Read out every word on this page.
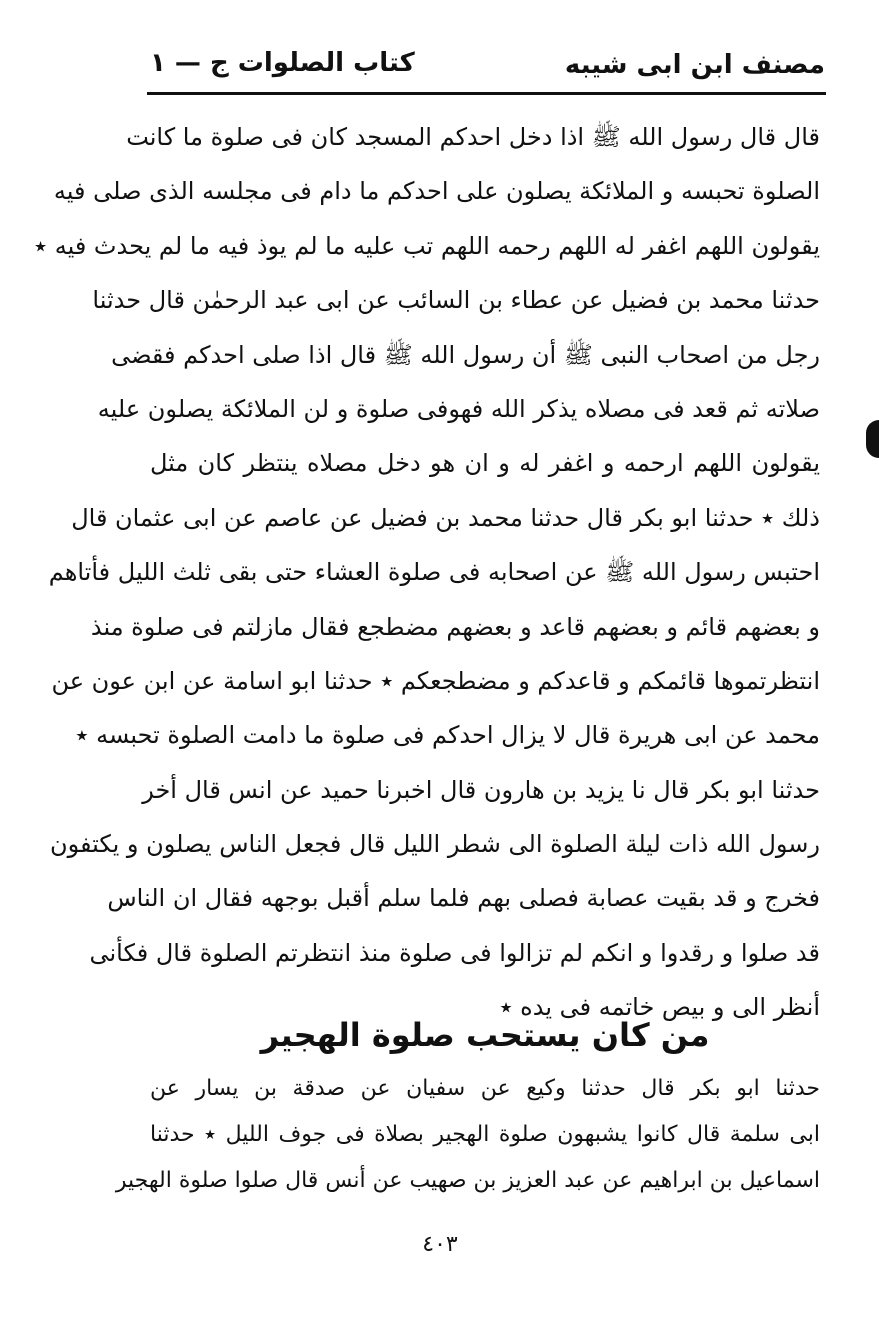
مصنف ابن ابى شيبه
كتاب الصلوات ج — ١
قال قال رسول الله ﷺ اذا دخل احدكم المسجد كان فى صلوة ما كانت
الصلوة تحبسه و الملائكة يصلون على احدكم ما دام فى مجلسه الذى صلى فيه
يقولون اللهم اغفر له اللهم رحمه اللهم تب عليه ما لم يوذ فيه ما لم يحدث فيه ٭
حدثنا محمد بن فضيل عن عطاء بن السائب عن ابى عبد الرحمٰن قال حدثنا
رجل من اصحاب النبى ﷺ أن رسول الله ﷺ قال اذا صلى احدكم فقضى
صلاته ثم قعد فى مصلاه يذكر الله فهوفى صلوة و لن الملائكة يصلون عليه
يقولون اللهم ارحمه و اغفر له و ان هو دخل مصلاه ينتظر كان مثل
ذلك ٭ حدثنا ابو بكر قال حدثنا محمد بن فضيل عن عاصم عن ابى عثمان قال
احتبس رسول الله ﷺ عن اصحابه فى صلوة العشاء حتى بقى ثلث الليل فأتاهم
و بعضهم قائم و بعضهم قاعد و بعضهم مضطجع فقال مازلتم فى صلوة منذ
انتظرتموها قائمكم و قاعدكم و مضطجعكم ٭ حدثنا ابو اسامة عن ابن عون عن
محمد عن ابى هريرة قال لا يزال احدكم فى صلوة ما دامت الصلوة تحبسه ٭
حدثنا ابو بكر قال نا يزيد بن هارون قال اخبرنا حميد عن انس قال أخر
رسول الله ذات ليلة الصلوة الى شطر الليل قال فجعل الناس يصلون و يكتفون
فخرج و قد بقيت عصابة فصلى بهم فلما سلم أقبل بوجهه فقال ان الناس
قد صلوا و رقدوا و انكم لم تزالوا فى صلوة منذ انتظرتم الصلوة قال فكأنى
أنظر الى و بيص خاتمه فى يده ٭
من كان يستحب صلوة الهجير
حدثنا ابو بكر قال حدثنا وكيع عن سفيان عن صدقة بن يسار عن
ابى سلمة قال كانوا يشبهون صلوة الهجير بصلاة فى جوف الليل ٭ حدثنا
اسماعيل بن ابراهيم عن عبد العزيز بن صهيب عن أنس قال صلوا صلوة الهجير
٤٠٣
